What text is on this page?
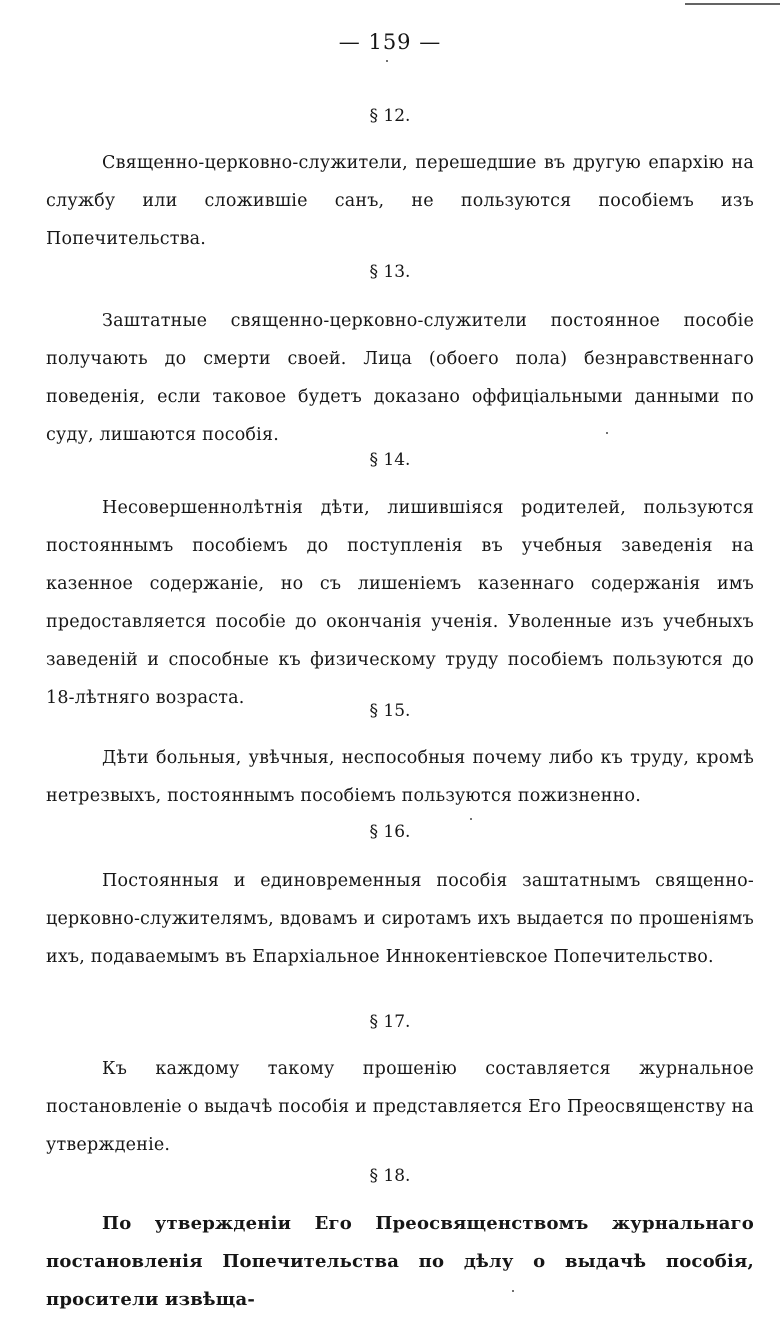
— 159 —
§ 12.
Священно-церковно-служители, перешедшие въ другую епархію на службу или сложившіе санъ, не пользуются пособіемъ изъ Попечительства.
§ 13.
Заштатные священно-церковно-служители постоянное пособіе получають до смерти своей. Лица (обоего пола) безнравственнаго поведенія, если таковое будетъ доказано оффиціальными данными по суду, лишаются пособія.
§ 14.
Несовершеннолѣтнія дѣти, лишившіяся родителей, пользуются постояннымъ пособіемъ до поступленія въ учебныя заведенія на казенное содержаніе, но съ лишеніемъ казеннаго содержанія имъ предоставляется пособіе до окончанія ученія. Уволенные изъ учебныхъ заведеній и способные къ физическому труду пособіемъ пользуются до 18-лѣтняго возраста.
§ 15.
Дѣти больныя, увѣчныя, неспособныя почему либо къ труду, кромѣ нетрезвыхъ, постояннымъ пособіемъ пользуются пожизненно.
§ 16.
Постоянныя и единовременныя пособія заштатнымъ священно-церковно-служителямъ, вдовамъ и сиротамъ ихъ выдается по прошеніямъ ихъ, подаваемымъ въ Епархіальное Иннокентіевское Попечительство.
§ 17.
Къ каждому такому прошенію составляется журнальное постановленіе о выдачѣ пособія и представляется Его Преосвященству на утвержденіе.
§ 18.
По утвержденіи Его Преосвященствомъ журнальнаго постановленія Попечительства по дѣлу о выдачѣ пособія, просители извѣща-
